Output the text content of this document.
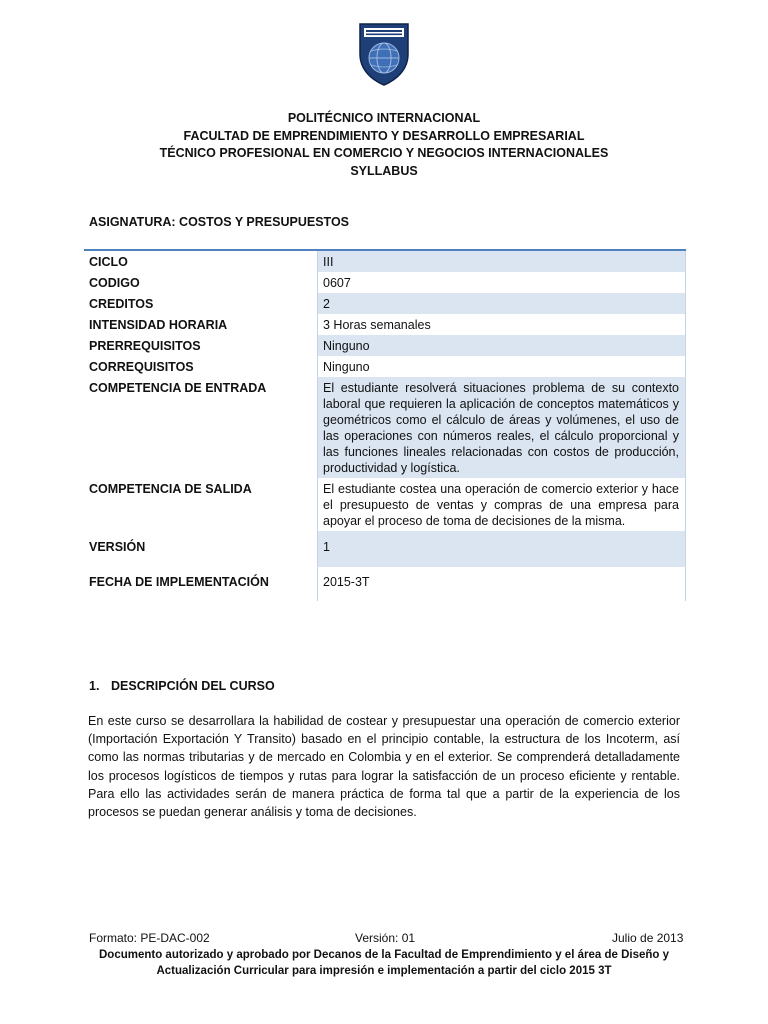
POLITÉCNICO INTERNACIONAL
FACULTAD DE EMPRENDIMIENTO Y DESARROLLO EMPRESARIAL
TÉCNICO PROFESIONAL EN COMERCIO Y NEGOCIOS INTERNACIONALES
SYLLABUS
ASIGNATURA: COSTOS Y PRESUPUESTOS
CICLO	III
CODIGO	0607
CREDITOS	2
INTENSIDAD HORARIA	3 Horas semanales
PRERREQUISITOS	Ninguno
CORREQUISITOS	Ninguno
COMPETENCIA DE ENTRADA	El estudiante resolverá situaciones problema de su contexto laboral que requieren la aplicación de conceptos matemáticos y geométricos como el cálculo de áreas y volúmenes, el uso de las operaciones con números reales, el cálculo proporcional y las funciones lineales relacionadas con costos de producción, productividad y logística.
COMPETENCIA DE SALIDA	El estudiante costea una operación de comercio exterior y hace el presupuesto de ventas y compras de una empresa para apoyar el proceso de toma de decisiones de la misma.
VERSIÓN	1
FECHA DE IMPLEMENTACIÓN	2015-3T
1. DESCRIPCIÓN DEL CURSO
En este curso se desarrollara la habilidad de costear y presupuestar una operación de comercio exterior (Importación Exportación Y Transito) basado en el principio contable, la estructura de los Incoterm, así como las normas tributarias y de mercado en Colombia y en el exterior. Se comprenderá detalladamente los procesos logísticos de tiempos y rutas para lograr la satisfacción de un proceso eficiente y rentable. Para ello las actividades serán de manera práctica de forma tal que a partir de la experiencia de los procesos se puedan generar análisis y toma de decisiones.
Formato: PE-DAC-002	Versión: 01	Julio de 2013
Documento autorizado y aprobado por Decanos de la Facultad de Emprendimiento y el área de Diseño y
Actualización Curricular para impresión e implementación a partir del ciclo 2015 3T
